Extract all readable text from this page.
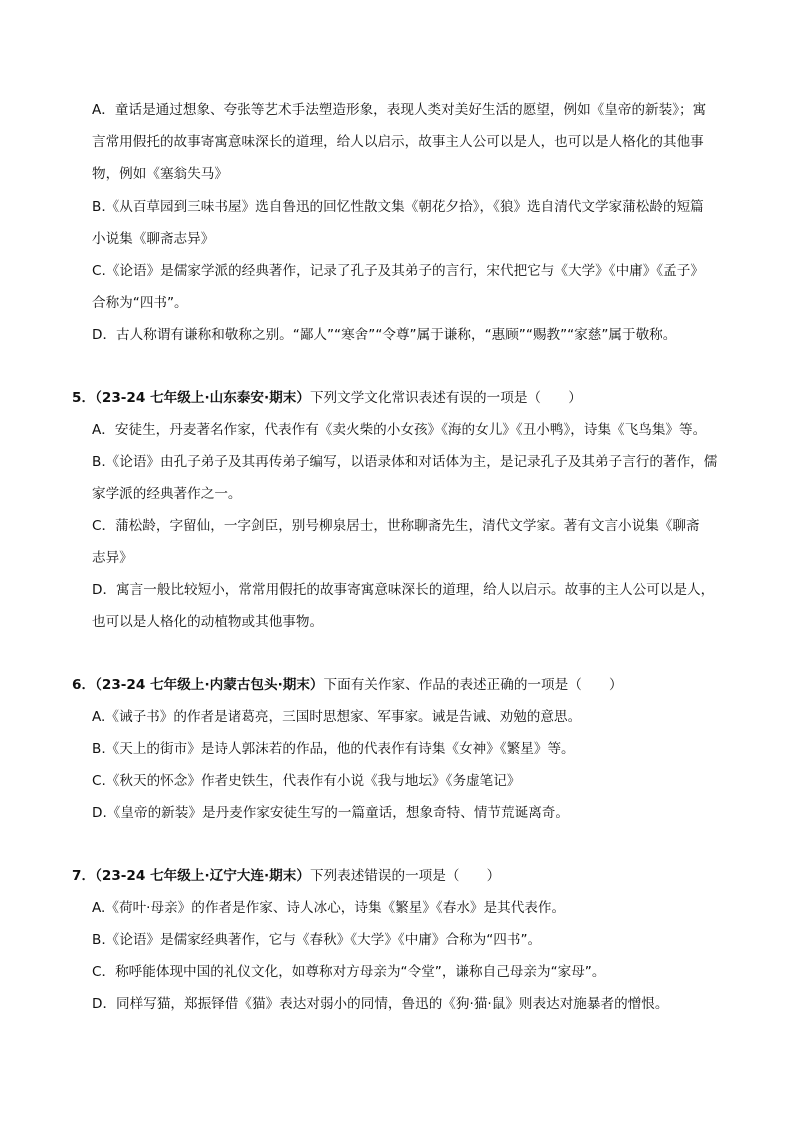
A．童话是通过想象、夸张等艺术手法塑造形象，表现人类对美好生活的愿望，例如《皇帝的新装》；寓
言常用假托的故事寄寓意味深长的道理，给人以启示，故事主人公可以是人，也可以是人格化的其他事
物，例如《塞翁失马》
B.《从百草园到三味书屋》选自鲁迅的回忆性散文集《朝花夕拾》，《狼》选自清代文学家蒲松龄的短篇
小说集《聊斋志异》
C.《论语》是儒家学派的经典著作，记录了孔子及其弟子的言行，宋代把它与《大学》《中庸》《孟子》
合称为“四书”。
D．古人称谓有谦称和敬称之别。“鄙人”“寒舍”“令尊”属于谦称，“惠顾”“赐教”“家慈”属于敬称。
5．（23-24 七年级上·山东泰安·期末）下列文学文化常识表述有误的一项是（　　）
A．安徒生，丹麦著名作家，代表作有《卖火柴的小女孩》《海的女儿》《丑小鸭》，诗集《飞鸟集》等。
B.《论语》由孔子弟子及其再传弟子编写，以语录体和对话体为主，是记录孔子及其弟子言行的著作，儒
家学派的经典著作之一。
C．蒲松龄，字留仙，一字剑臣，别号柳泉居士，世称聊斋先生，清代文学家。著有文言小说集《聊斋
志异》
D．寓言一般比较短小，常常用假托的故事寄寓意味深长的道理，给人以启示。故事的主人公可以是人，
也可以是人格化的动植物或其他事物。
6．（23-24 七年级上·内蒙古包头·期末）下面有关作家、作品的表述正确的一项是（　　）
A.《诫子书》的作者是诸葛亮，三国时思想家、军事家。诫是告诫、劝勉的意思。
B.《天上的街市》是诗人郭沫若的作品，他的代表作有诗集《女神》《繁星》等。
C.《秋天的怀念》作者史铁生，代表作有小说《我与地坛》《务虚笔记》
D.《皇帝的新装》是丹麦作家安徒生写的一篇童话，想象奇特、情节荒诞离奇。
7．（23-24 七年级上·辽宁大连·期末）下列表述错误的一项是（　　）
A.《荷叶·母亲》的作者是作家、诗人冰心，诗集《繁星》《春水》是其代表作。
B.《论语》是儒家经典著作，它与《春秋》《大学》《中庸》合称为“四书”。
C．称呼能体现中国的礼仪文化，如尊称对方母亲为“令堂”，谦称自己母亲为“家母”。
D．同样写猫，郑振铎借《猫》表达对弱小的同情，鲁迅的《狗·猫·鼠》则表达对施暴者的憎恨。
